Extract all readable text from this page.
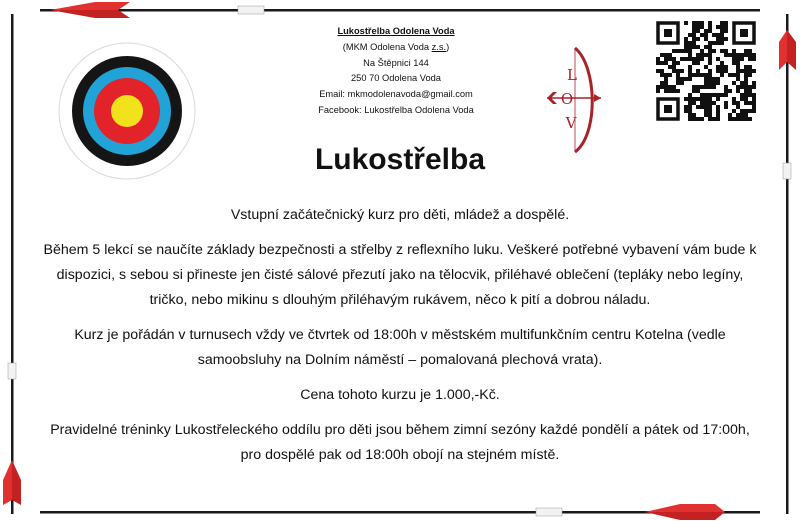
Lukostřelba Odolena Voda
(MKM Odolena Voda z.s.)
Na Štěpnici 144
250 70 Odolena Voda
Email: mkmodolenavoda@gmail.com
Facebook: Lukostřelba Odolena Voda
L
O
V
Lukostřelba

Vstupní začátečnický kurz pro děti, mládež a dospělé.

Během 5 lekcí se naučíte základy bezpečnosti a střelby z reflexního luku. Veškeré potřebné vybavení vám bude k dispozici, s sebou si přineste jen čisté sálové přezutí jako na tělocvik, přiléhavé oblečení (tepláky nebo legíny, tričko, nebo mikinu s dlouhým přiléhavým rukávem, něco k pití a dobrou náladu.

Kurz je pořádán v turnusech vždy ve čtvrtek od 18:00h v městském multifunkčním centru Kotelna (vedle samoobsluhy na Dolním náměstí – pomalovaná plechová vrata).

Cena tohoto kurzu je 1.000,-Kč.

Pravidelné tréninky Lukostřeleckého oddílu pro děti jsou během zimní sezóny každé pondělí a pátek od 17:00h, pro dospělé pak od 18:00h obojí na stejném místě.
